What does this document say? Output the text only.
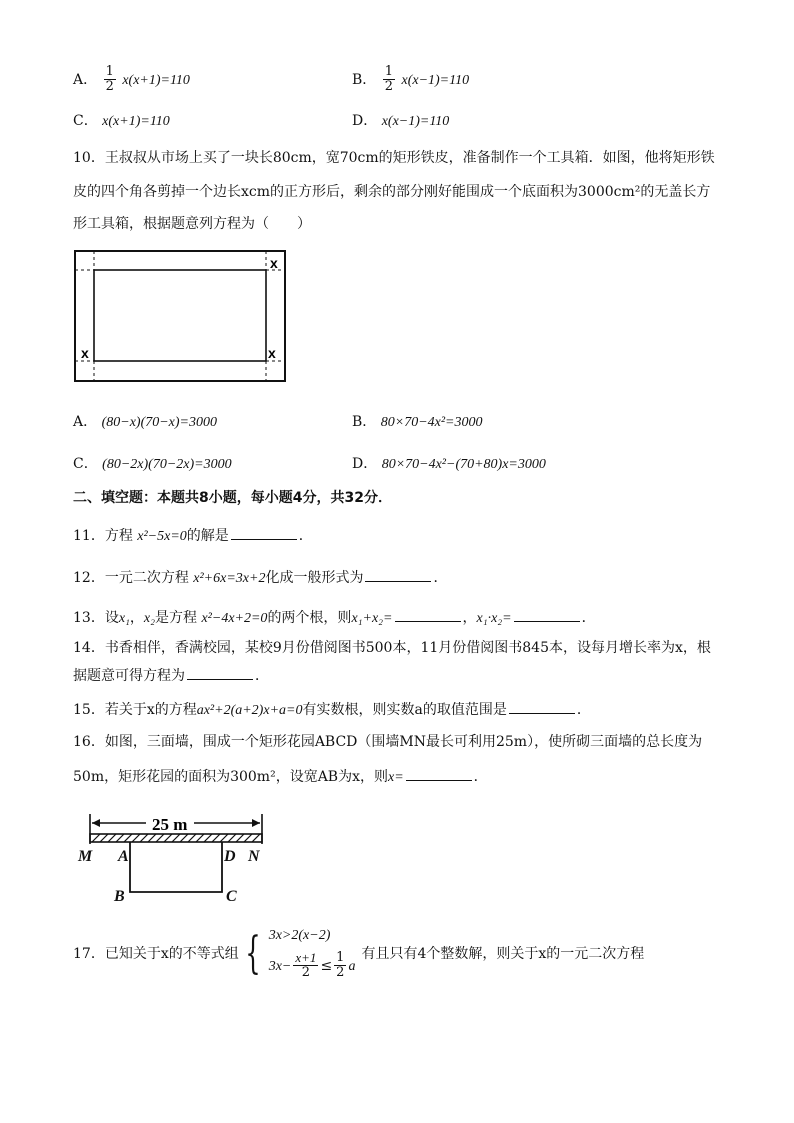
A． $\frac{1}{2} x(x+1)=110$	B． $\frac{1}{2} x(x-1)=110$
C． x(x+1)=110	D． x(x−1)=110
10．王叔叔从市场上买了一块长80cm，宽70cm的矩形铁皮，准备制作一个工具箱．如图，他将矩形铁
皮的四个角各剪掉一个边长xcm的正方形后，剩余的部分刚好能围成一个底面积为3000cm²的无盖长方
形工具箱，根据题意列方程为（　　）
x
x	x
A． (80−x)(70−x)=3000	B． 80×70−4x²=3000
C． (80−2x)(70−2x)=3000	D． 80×70−4x²−(70+80)x=3000
二、填空题：本题共8小题，每小题4分，共32分．
11．方程 x²−5x=0的解是	．
12．一元二次方程 x²+6x=3x+2化成一般形式为	．
13．设x₁，x₂是方程 x²−4x+2=0的两个根，则x₁+x₂=	，x₁·x₂=	．
14．书香相伴，香满校园，某校9月份借阅图书500本，11月份借阅图书845本，设每月增长率为x，根
据题意可得方程为	．
15．若关于x的方程ax²+2(a+2)x+a=0有实数根，则实数a的取值范围是	．
16．如图，三面墙，围成一个矩形花园ABCD（围墙MN最长可利用25m），使所砌三面墙的总长度为
50m，矩形花园的面积为300m²，设宽AB为x，则x=	．
25 m
M A	D N
B	C
17．已知关于x的不等式组 { 3x>2(x−2)
$3x- \frac{x+1}{2} \le \frac{1}{2}$ a
有且只有4个整数解，则关于x的一元二次方程
